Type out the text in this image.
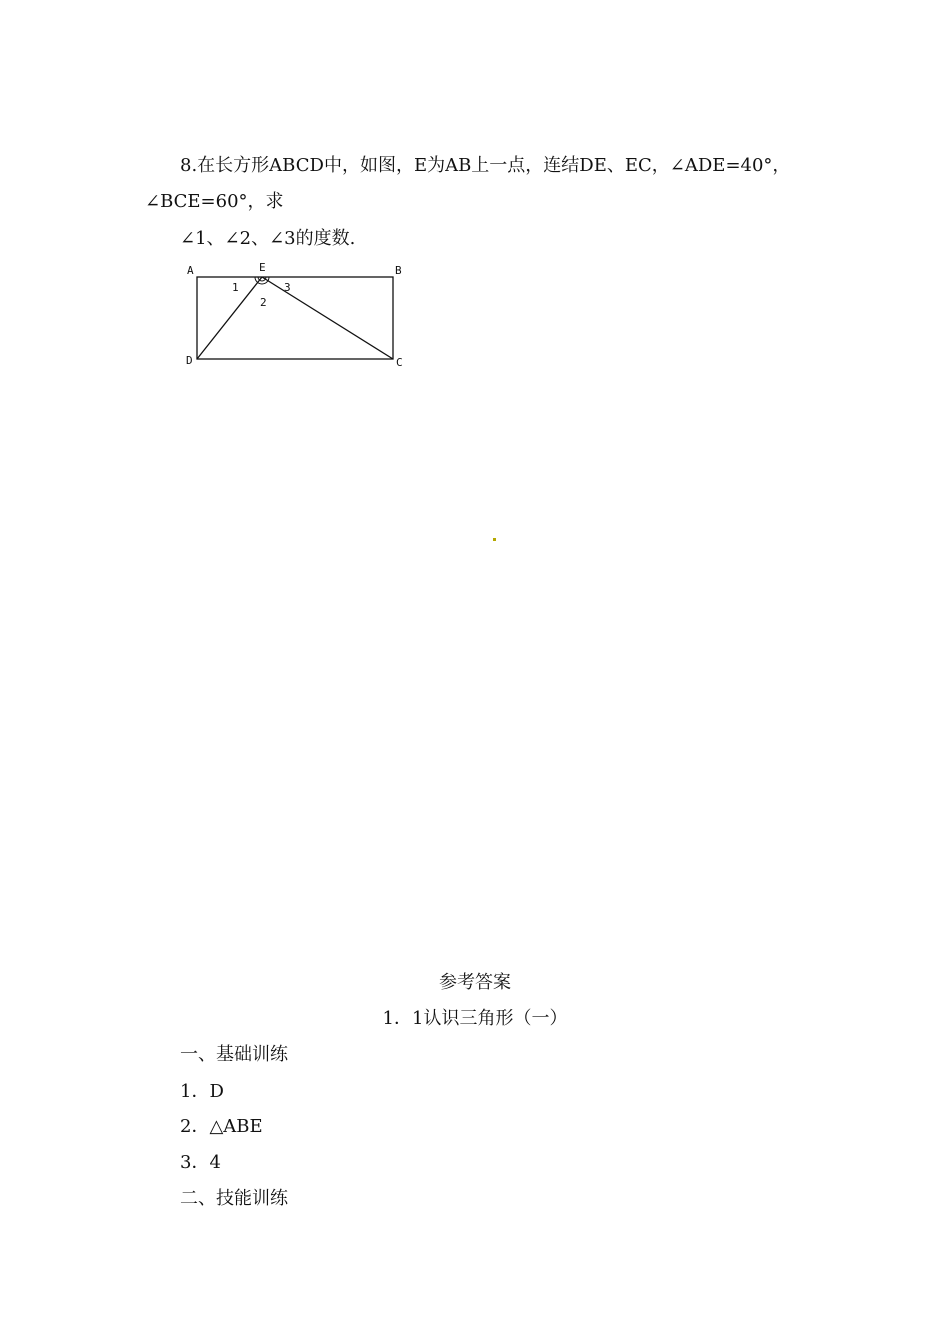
8.在长方形ABCD中，如图，E为AB上一点，连结DE、EC，∠ADE=40°，
∠BCE=60°，求
∠1、∠2、∠3的度数.
A	E	B
D	C
1
2
3
参考答案
1．1认识三角形（一）
一、基础训练
1．D
2．△ABE
3．4
二、技能训练
